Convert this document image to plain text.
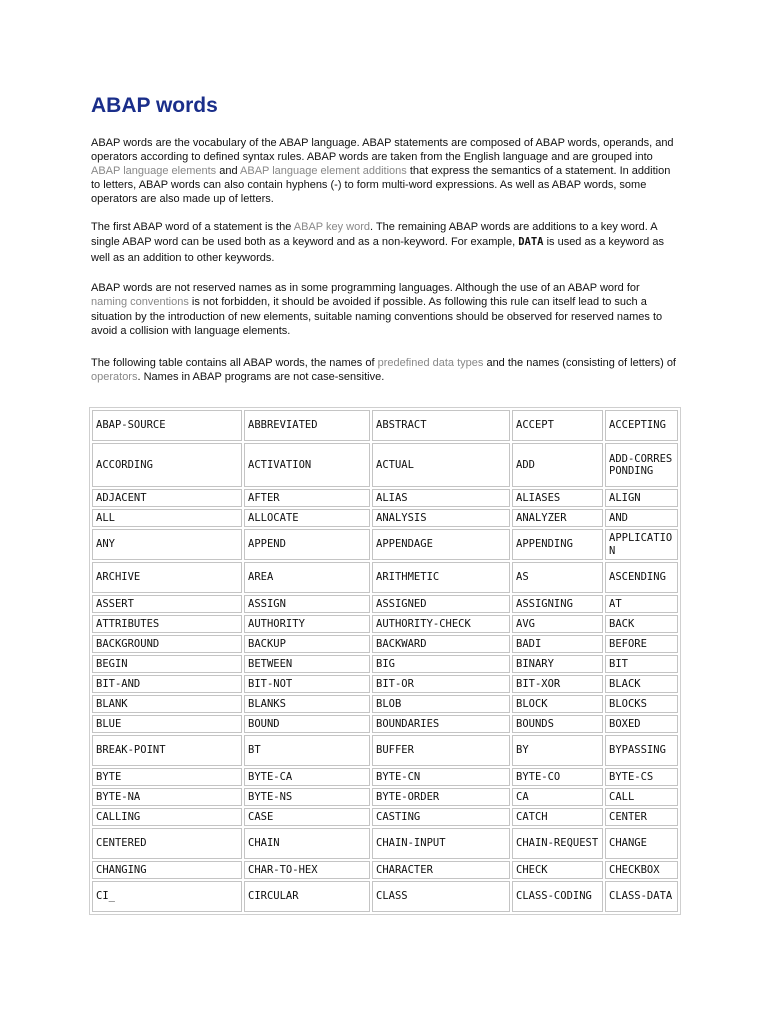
ABAP words

ABAP words are the vocabulary of the ABAP language. ABAP statements are composed of ABAP words, operands, and operators according to defined syntax rules. ABAP words are taken from the English language and are grouped into ABAP language elements and ABAP language element additions that express the semantics of a statement. In addition to letters, ABAP words can also contain hyphens (-) to form multi-word expressions. As well as ABAP words, some operators are also made up of letters.

The first ABAP word of a statement is the ABAP key word. The remaining ABAP words are additions to a key word. A single ABAP word can be used both as a keyword and as a non-keyword. For example, DATA is used as a keyword as well as an addition to other keywords.

ABAP words are not reserved names as in some programming languages. Although the use of an ABAP word for naming conventions is not forbidden, it should be avoided if possible. As following this rule can itself lead to such a situation by the introduction of new elements, suitable naming conventions should be observed for reserved names to avoid a collision with language elements.

The following table contains all ABAP words, the names of predefined data types and the names (consisting of letters) of operators. Names in ABAP programs are not case-sensitive.

ABAP-SOURCE	ABBREVIATED	ABSTRACT	ACCEPT	ACCEPTING
ACCORDING	ACTIVATION	ACTUAL	ADD	ADD-CORRESPONDING
ADJACENT	AFTER	ALIAS	ALIASES	ALIGN
ALL	ALLOCATE	ANALYSIS	ANALYZER	AND
ANY	APPEND	APPENDAGE	APPENDING	APPLICATION
ARCHIVE	AREA	ARITHMETIC	AS	ASCENDING
ASSERT	ASSIGN	ASSIGNED	ASSIGNING	AT
ATTRIBUTES	AUTHORITY	AUTHORITY-CHECK	AVG	BACK
BACKGROUND	BACKUP	BACKWARD	BADI	BEFORE
BEGIN	BETWEEN	BIG	BINARY	BIT
BIT-AND	BIT-NOT	BIT-OR	BIT-XOR	BLACK
BLANK	BLANKS	BLOB	BLOCK	BLOCKS
BLUE	BOUND	BOUNDARIES	BOUNDS	BOXED
BREAK-POINT	BT	BUFFER	BY	BYPASSING
BYTE	BYTE-CA	BYTE-CN	BYTE-CO	BYTE-CS
BYTE-NA	BYTE-NS	BYTE-ORDER	CA	CALL
CALLING	CASE	CASTING	CATCH	CENTER
CENTERED	CHAIN	CHAIN-INPUT	CHAIN-REQUEST	CHANGE
CHANGING	CHAR-TO-HEX	CHARACTER	CHECK	CHECKBOX
CI_	CIRCULAR	CLASS	CLASS-CODING	CLASS-DATA
